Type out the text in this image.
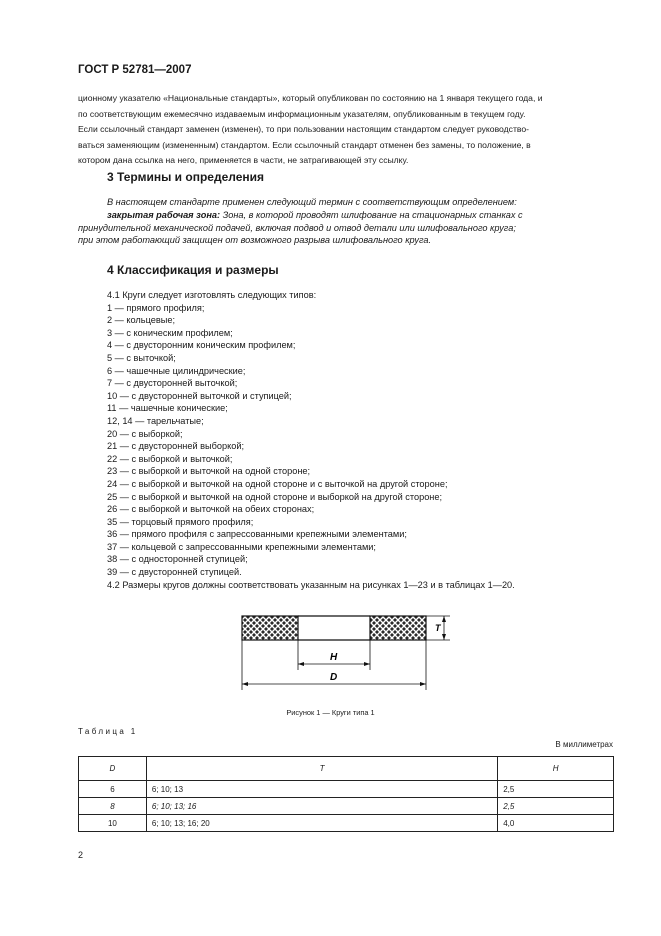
ГОСТ Р 52781—2007

ционному указателю «Национальные стандарты», который опубликован по состоянию на 1 января текущего года, и

по соответствующим ежемесячно издаваемым информационным указателям, опубликованным в текущем году.

Если ссылочный стандарт заменен (изменен), то при пользовании настоящим стандартом следует руководство-

ваться заменяющим (измененным) стандартом. Если ссылочный стандарт отменен без замены, то положение, в

котором дана ссылка на него, применяется в части, не затрагивающей эту ссылку.

3 Термины и определения

В настоящем стандарте применен следующий термин с соответствующим определением:

закрытая рабочая зона: Зона, в которой проводят шлифование на стационарных станках с

принудительной механической подачей, включая подвод и отвод детали или шлифовального круга;

при этом работающий защищен от возможного разрыва шлифовального круга.

4 Классификация и размеры
4.1 Круги следует изготовлять следующих типов:
1 — прямого профиля;
2 — кольцевые;
3 — с коническим профилем;
4 — с двусторонним коническим профилем;
5 — с выточкой;
6 — чашечные цилиндрические;
7 — с двусторонней выточкой;
10 — с двусторонней выточкой и ступицей;
11 — чашечные конические;
12, 14 — тарельчатые;
20 — с выборкой;
21 — с двусторонней выборкой;
22 — с выборкой и выточкой;
23 — с выборкой и выточкой на одной стороне;
24 — с выборкой и выточкой на одной стороне и с выточкой на другой стороне;
25 — с выборкой и выточкой на одной стороне и выборкой на другой стороне;
26 — с выборкой и выточкой на обеих сторонах;
35 — торцовый прямого профиля;
36 — прямого профиля с запрессованными крепежными элементами;
37 — кольцевой с запрессованными крепежными элементами;
38 — с односторонней ступицей;
39 — с двусторонней ступицей.
4.2 Размеры кругов должны соответствовать указанным на рисунках 1—23 и в таблицах 1—20.
T
H
D
Рисунок 1 — Круги типа 1
Таблица 1
В миллиметрах
D	T	H
6	6; 10; 13	2,5
8	6; 10; 13; 16	2,5
10	6; 10; 13; 16; 20	4,0
2
